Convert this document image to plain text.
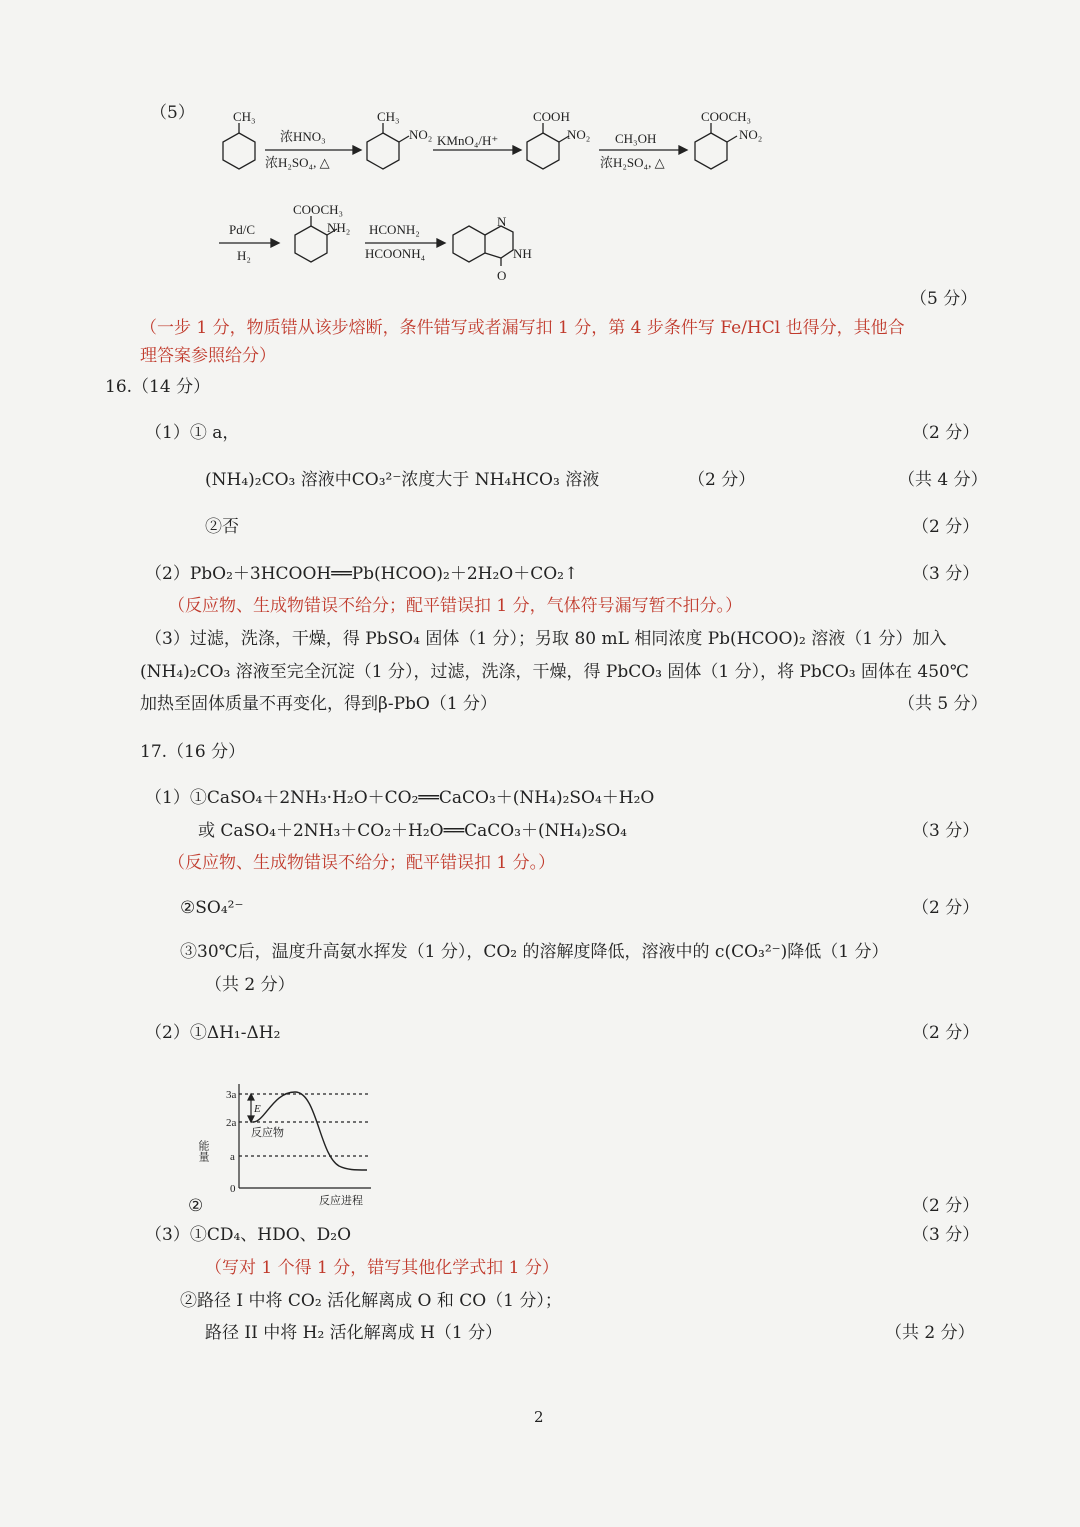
（5）	CH₃
浓HNO₃
浓H₂SO₄, △
CH₃
NO₂ KMnO₄/H⁺
COOH
NO₂ CH₃OH
浓H₂SO₄, △
COOCH₃
NO₂
Pd/C
H₂
COOCH₃
NH₂ HCONH₂
HCOONH₄
N
NH
O
（5 分）
（一步 1 分，物质错从该步熔断，条件错写或者漏写扣 1 分，第 4 步条件写 Fe/HCl 也得分，其他合
理答案参照给分）
16.（14 分）
（1）① a，	（2 分）
(NH₄)₂CO₃ 溶液中CO₃²⁻浓度大于 NH₄HCO₃ 溶液	（2 分）	（共 4 分）
②否	（2 分）
（2）PbO₂＋3HCOOH══Pb(HCOO)₂＋2H₂O＋CO₂↑	（3 分）
（反应物、生成物错误不给分；配平错误扣 1 分，气体符号漏写暂不扣分。）
（3）过滤，洗涤，干燥，得 PbSO₄ 固体（1 分）；另取 80 mL 相同浓度 Pb(HCOO)₂ 溶液（1 分）加入
(NH₄)₂CO₃ 溶液至完全沉淀（1 分），过滤，洗涤，干燥，得 PbCO₃ 固体（1 分），将 PbCO₃ 固体在 450℃
加热至固体质量不再变化，得到β-PbO（1 分）	（共 5 分）
17.（16 分）
（1）①CaSO₄＋2NH₃·H₂O＋CO₂══CaCO₃＋(NH₄)₂SO₄＋H₂O
或 CaSO₄＋2NH₃＋CO₂＋H₂O══CaCO₃＋(NH₄)₂SO₄	（3 分）
（反应物、生成物错误不给分；配平错误扣 1 分。）
②SO₄²⁻	（2 分）
③30℃后，温度升高氨水挥发（1 分），CO₂ 的溶解度降低，溶液中的 c(CO₃²⁻)降低（1 分）
（共 2 分）
（2）①ΔH₁-ΔH₂	（2 分）
3a
2a
a
0
E
反应物
反应进程
能量
②	（2 分）
（3）①CD₄、HDO、D₂O	（3 分）
（写对 1 个得 1 分，错写其他化学式扣 1 分）
②路径 I 中将 CO₂ 活化解离成 O 和 CO（1 分）；
路径 II 中将 H₂ 活化解离成 H（1 分）	（共 2 分）
2
